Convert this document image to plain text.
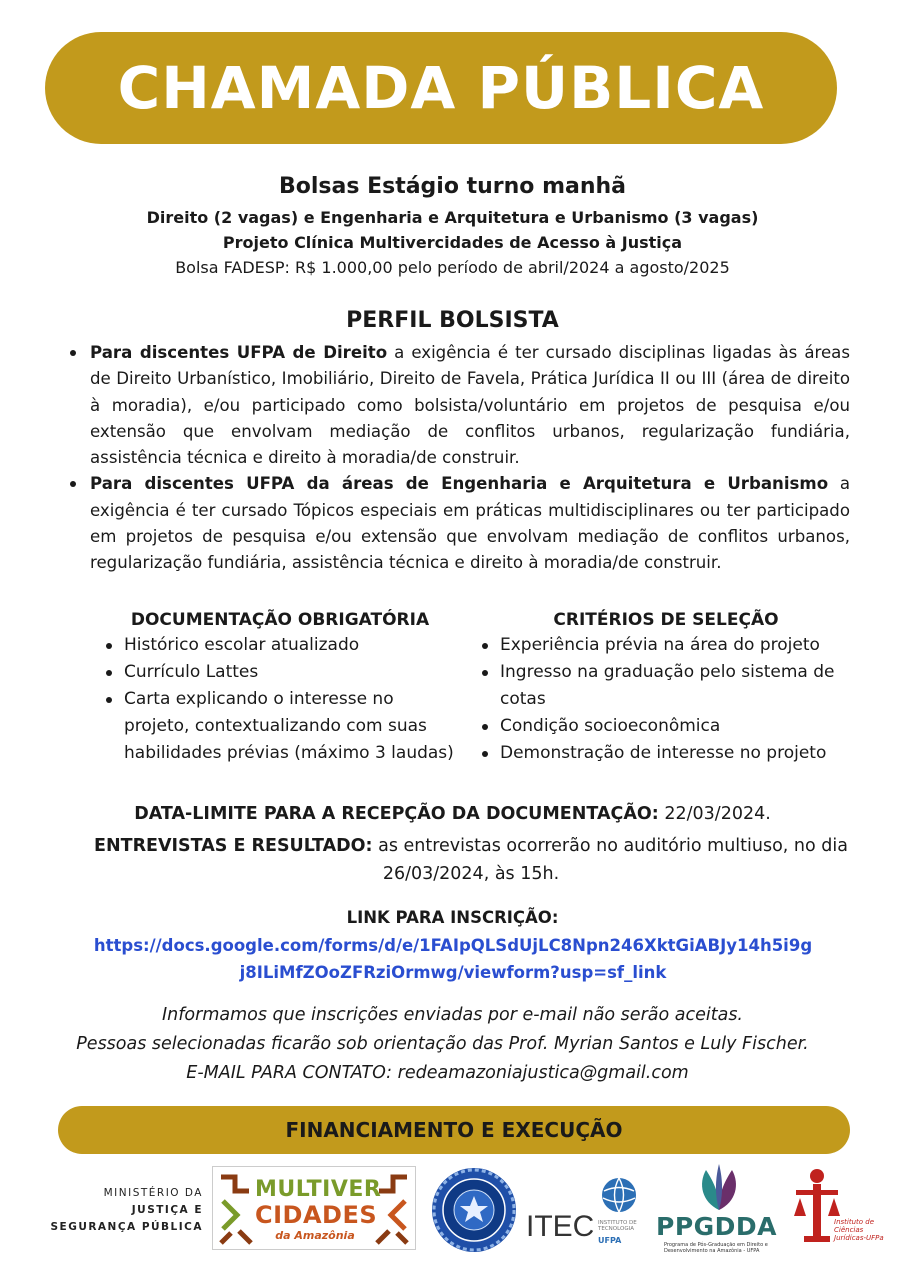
CHAMADA PÚBLICA
Bolsas Estágio turno manhã
Direito (2 vagas) e Engenharia e Arquitetura e Urbanismo (3 vagas)
Projeto Clínica Multivercidades de Acesso à Justiça
Bolsa FADESP: R$ 1.000,00 pelo período de abril/2024 a agosto/2025
PERFIL BOLSISTA
Para discentes UFPA de Direito a exigência é ter cursado disciplinas ligadas às áreas de Direito Urbanístico, Imobiliário, Direito de Favela, Prática Jurídica II ou III (área de direito à moradia), e/ou participado como bolsista/voluntário em projetos de pesquisa e/ou extensão que envolvam mediação de conflitos urbanos, regularização fundiária, assistência técnica e direito à moradia/de construir.
Para discentes UFPA da áreas de Engenharia e Arquitetura e Urbanismo a exigência é ter cursado Tópicos especiais em práticas multidisciplinares ou ter participado em projetos de pesquisa e/ou extensão que envolvam mediação de conflitos urbanos, regularização fundiária, assistência técnica e direito à moradia/de construir.
DOCUMENTAÇÃO OBRIGATÓRIA
Histórico escolar atualizado
Currículo Lattes
Carta explicando o interesse no projeto, contextualizando com suas habilidades prévias (máximo 3 laudas)
CRITÉRIOS DE SELEÇÃO
Experiência prévia na área do projeto
Ingresso na graduação pelo sistema de cotas
Condição socioeconômica
Demonstração de interesse no projeto
DATA-LIMITE PARA A RECEPÇÃO DA DOCUMENTAÇÃO: 22/03/2024.
ENTREVISTAS E RESULTADO: as entrevistas ocorrerão no auditório multiuso, no dia 26/03/2024, às 15h.
LINK PARA INSCRIÇÃO:
https://docs.google.com/forms/d/e/1FAIpQLSdUjLC8Npn246XktGiABJy14h5i9gj8ILiMfZOoZFRziOrmwg/viewform?usp=sf_link
Informamos que inscrições enviadas por e-mail não serão aceitas.
Pessoas selecionadas ficarão sob orientação das Prof. Myrian Santos e Luly Fischer.
E-MAIL PARA CONTATO: redeamazoniajustica@gmail.com
FINANCIAMENTO E EXECUÇÃO
MINISTÉRIO DA
JUSTIÇA E
SEGURANÇA PÚBLICA
MULTIVER
CIDADES
da Amazônia	ITEC INSTITUTO DE TECNOLOGIA
UFPA PPGDDA
Programa de Pós-Graduação em Direito e Desenvolvimento na Amazônia - UFPA
Instituto de Ciências Jurídicas-UFPa
